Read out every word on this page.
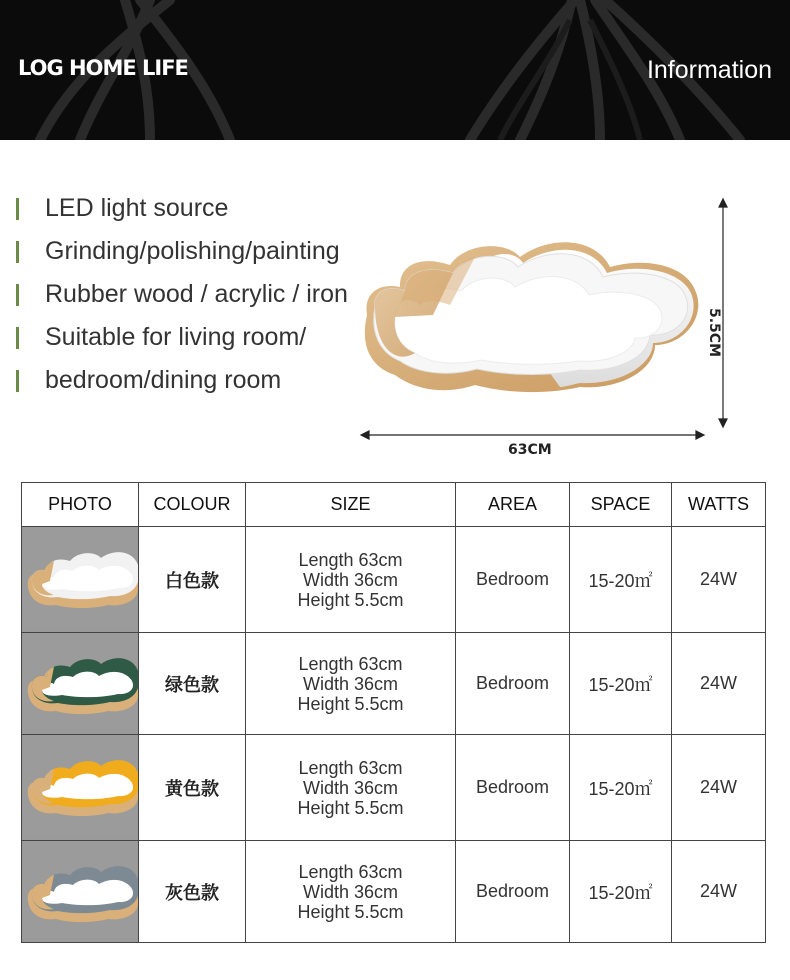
LOG HOME LIFE	Information
LED light source
Grinding/polishing/painting
Rubber wood / acrylic / iron
Suitable for living room/
bedroom/dining room
63CM
5.5CM
PHOTO	COLOUR	SIZE	AREA	SPACE	WATTS
	白色款	Length 63cm
Width 36cm
Height 5.5cm	Bedroom	15-20㎡	24W
	绿色款	Length 63cm
Width 36cm
Height 5.5cm	Bedroom	15-20㎡	24W
	黄色款	Length 63cm
Width 36cm
Height 5.5cm	Bedroom	15-20㎡	24W
	灰色款	Length 63cm
Width 36cm
Height 5.5cm	Bedroom	15-20㎡	24W
